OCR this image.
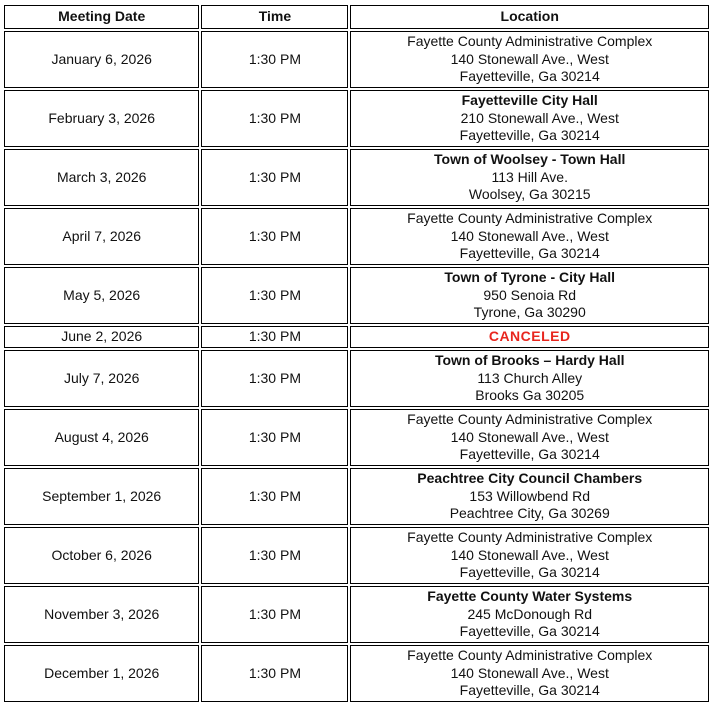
Meeting Date	Time	Location
January 6, 2026	1:30 PM	Fayette County Administrative Complex
140 Stonewall Ave., West
Fayetteville, Ga 30214

February 3, 2026	1:30 PM	Fayetteville City Hall
210 Stonewall Ave., West
Fayetteville, Ga 30214

March 3, 2026	1:30 PM	Town of Woolsey - Town Hall
113 Hill Ave.
Woolsey, Ga 30215

April 7, 2026	1:30 PM	Fayette County Administrative Complex
140 Stonewall Ave., West
Fayetteville, Ga 30214

May 5, 2026	1:30 PM	Town of Tyrone - City Hall
950 Senoia Rd
Tyrone, Ga 30290

June 2, 2026	1:30 PM	CANCELED
July 7, 2026	1:30 PM	Town of Brooks – Hardy Hall
113 Church Alley
Brooks Ga 30205

August 4, 2026	1:30 PM	Fayette County Administrative Complex
140 Stonewall Ave., West
Fayetteville, Ga 30214

September 1, 2026	1:30 PM	Peachtree City Council Chambers
153 Willowbend Rd
Peachtree City, Ga 30269

October 6, 2026	1:30 PM	Fayette County Administrative Complex
140 Stonewall Ave., West
Fayetteville, Ga 30214

November 3, 2026	1:30 PM	Fayette County Water Systems
245 McDonough Rd
Fayetteville, Ga 30214

December 1, 2026	1:30 PM	Fayette County Administrative Complex
140 Stonewall Ave., West
Fayetteville, Ga 30214
